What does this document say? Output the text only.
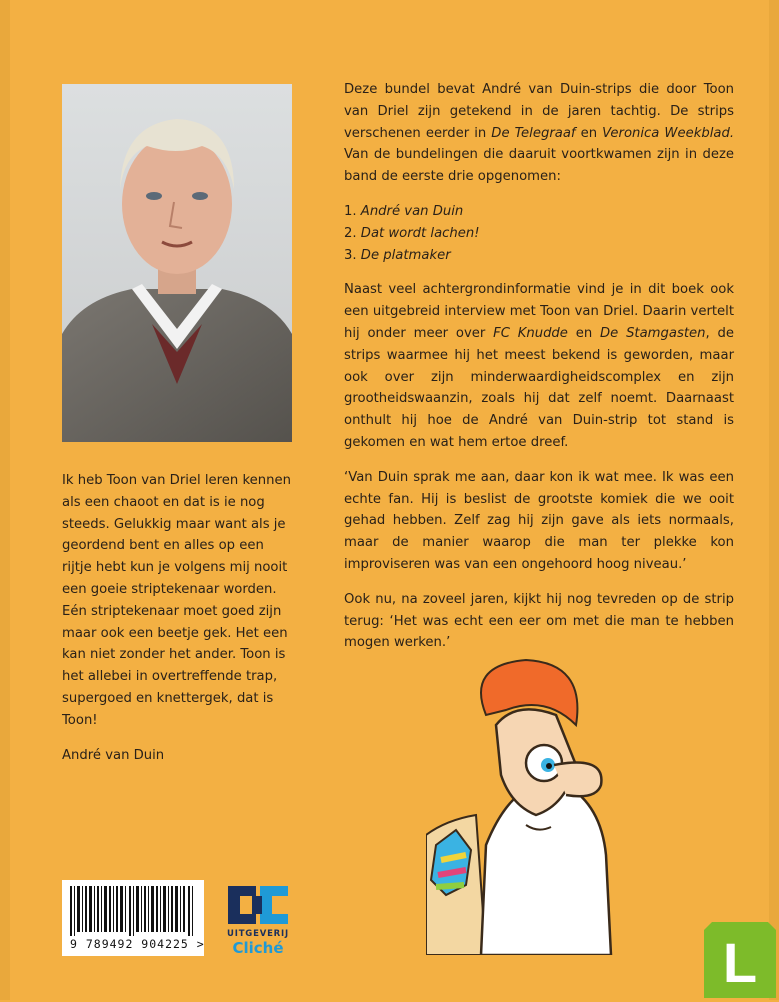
Ik heb Toon van Driel leren kennen als een chaoot en dat is ie nog steeds. Gelukkig maar want als je geordend bent en alles op een rijtje hebt kun je volgens mij nooit een goeie striptekenaar worden. Eén striptekenaar moet goed zijn maar ook een beetje gek. Het een kan niet zonder het ander. Toon is het allebei in overtreffende trap, supergoed en knettergek, dat is Toon!

André van Duin

Deze bundel bevat André van Duin-strips die door Toon van Driel zijn getekend in de jaren tachtig. De strips verschenen eerder in De Telegraaf en Veronica Weekblad. Van de bundelingen die daaruit voortkwamen zijn in deze band de eerste drie opgenomen:

1. André van Duin
2. Dat wordt lachen!
3. De platmaker

Naast veel achtergrondinformatie vind je in dit boek ook een uitgebreid interview met Toon van Driel. Daarin vertelt hij onder meer over FC Knudde en De Stamgasten, de strips waarmee hij het meest bekend is geworden, maar ook over zijn minderwaardigheidscomplex en zijn grootheidswaanzin, zoals hij dat zelf noemt. Daarnaast onthult hij hoe de André van Duin-strip tot stand is gekomen en wat hem ertoe dreef.

‘Van Duin sprak me aan, daar kon ik wat mee. Ik was een echte fan. Hij is beslist de grootste komiek die we ooit gehad hebben. Zelf zag hij zijn gave als iets normaals, maar de manier waarop die man ter plekke kon improviseren was van een ongehoord hoog niveau.’

Ook nu, na zoveel jaren, kijkt hij nog tevreden op de strip terug: ‘Het was echt een eer om met die man te hebben mogen werken.’

9 789492 904225 >
UITGEVERIJ
Cliché	L
